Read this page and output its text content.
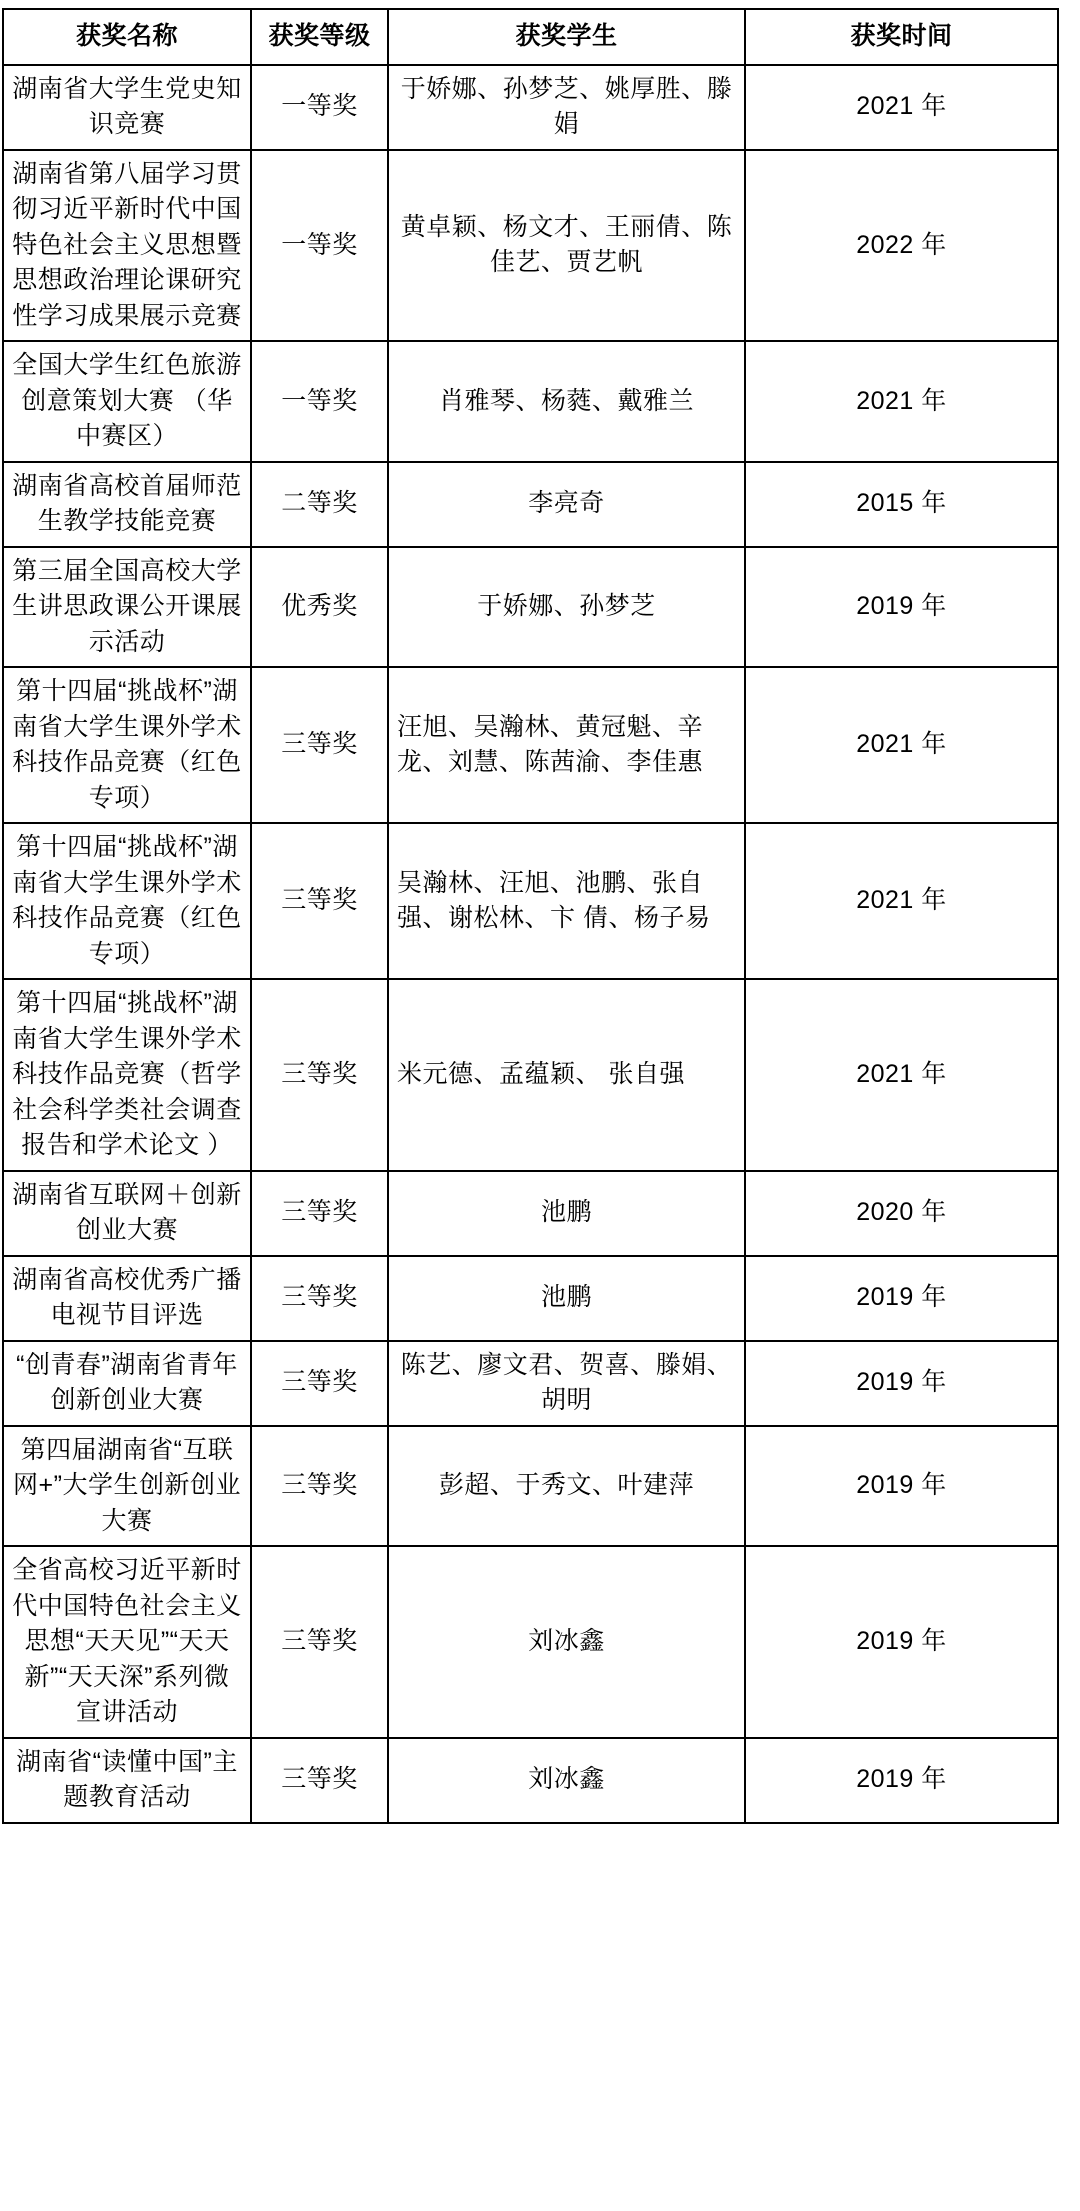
获奖名称	获奖等级	获奖学生	获奖时间
湖南省大学生党史知识竞赛	一等奖	于娇娜、孙梦芝、姚厚胜、滕娟	2021 年
湖南省第八届学习贯彻习近平新时代中国特色社会主义思想暨思想政治理论课研究性学习成果展示竞赛	一等奖	黄卓颖、杨文才、王丽倩、陈佳艺、贾艺帆	2022 年
全国大学生红色旅游 创意策划大赛 （华中赛区）	一等奖	肖雅琴、杨蕤、戴雅兰	2021 年
湖南省高校首届师范生教学技能竞赛	二等奖	李亮奇	2015 年
第三届全国高校大学生讲思政课公开课展示活动	优秀奖	于娇娜、孙梦芝	2019 年
第十四届“挑战杯”湖南省大学生课外学术科技作品竞赛（红色专项）	三等奖	汪旭、吴瀚林、黄冠魁、辛龙、刘慧、陈茜渝、李佳惠	2021 年
第十四届“挑战杯”湖南省大学生课外学术科技作品竞赛（红色专项）	三等奖	吴瀚林、汪旭、池鹏、张自强、谢松林、卞 倩、杨子易	2021 年
第十四届“挑战杯”湖南省大学生课外学术科技作品竞赛（哲学社会科学类社会调查报告和学术论文 ）	三等奖	米元德、孟蕴颖、 张自强	2021 年
湖南省互联网＋创新创业大赛	三等奖	池鹏	2020 年
湖南省高校优秀广播电视节目评选	三等奖	池鹏	2019 年
“创青春”湖南省青年创新创业大赛	三等奖	陈艺、廖文君、贺喜、滕娟、胡明	2019 年
第四届湖南省“互联网+”大学生创新创业大赛	三等奖	彭超、于秀文、叶建萍	2019 年
全省高校习近平新时代中国特色社会主义思想“天天见”“天天新”“天天深”系列微宣讲活动	三等奖	刘冰鑫	2019 年
湖南省“读懂中国”主题教育活动	三等奖	刘冰鑫	2019 年
